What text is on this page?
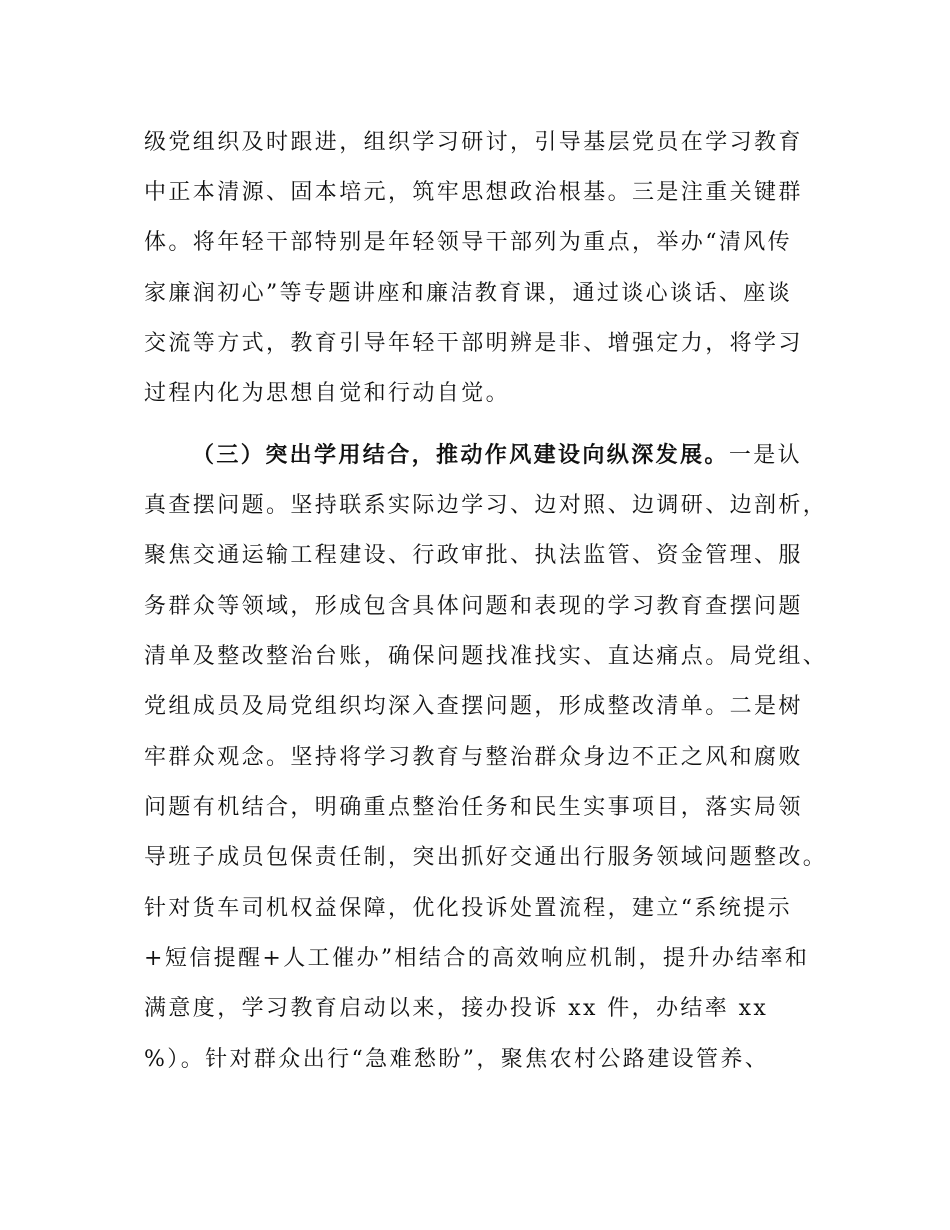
级党组织及时跟进，组织学习研讨，引导基层党员在学习教育
中正本清源、固本培元，筑牢思想政治根基。三是注重关键群
体。将年轻干部特别是年轻领导干部列为重点，举办“清风传
家廉润初心”等专题讲座和廉洁教育课，通过谈心谈话、座谈
交流等方式，教育引导年轻干部明辨是非、增强定力，将学习
过程内化为思想自觉和行动自觉。
（三）突出学用结合，推动作风建设向纵深发展。一是认
真查摆问题。坚持联系实际边学习、边对照、边调研、边剖析，
聚焦交通运输工程建设、行政审批、执法监管、资金管理、服
务群众等领域，形成包含具体问题和表现的学习教育查摆问题
清单及整改整治台账，确保问题找准找实、直达痛点。局党组、
党组成员及局党组织均深入查摆问题，形成整改清单。二是树
牢群众观念。坚持将学习教育与整治群众身边不正之风和腐败
问题有机结合，明确重点整治任务和民生实事项目，落实局领
导班子成员包保责任制，突出抓好交通出行服务领域问题整改。
针对货车司机权益保障，优化投诉处置流程，建立“系统提示
+短信提醒+人工催办”相结合的高效响应机制，提升办结率和
满意度，学习教育启动以来，接办投诉 xx 件，办结率 xx
%）。针对群众出行“急难愁盼”，聚焦农村公路建设管养、
